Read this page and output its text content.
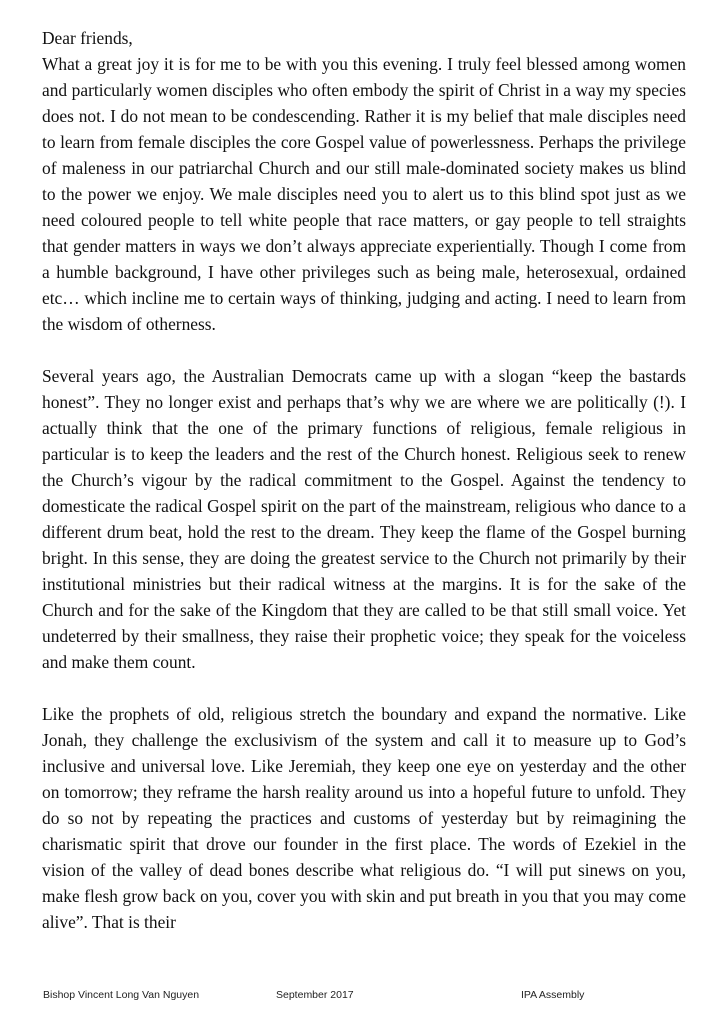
Dear friends,

What a great joy it is for me to be with you this evening. I truly feel blessed among women and particularly women disciples who often embody the spirit of Christ in a way my species does not. I do not mean to be condescending. Rather it is my belief that male disciples need to learn from female disciples the core Gospel value of powerlessness. Perhaps the privilege of maleness in our patriarchal Church and our still male-dominated society makes us blind to the power we enjoy. We male disciples need you to alert us to this blind spot just as we need coloured people to tell white people that race matters, or gay people to tell straights that gender matters in ways we don’t always appreciate experientially. Though I come from a humble background, I have other privileges such as being male, heterosexual, ordained etc… which incline me to certain ways of thinking, judging and acting. I need to learn from the wisdom of otherness.

Several years ago, the Australian Democrats came up with a slogan “keep the bastards honest”. They no longer exist and perhaps that’s why we are where we are politically (!). I actually think that the one of the primary functions of religious, female religious in particular is to keep the leaders and the rest of the Church honest. Religious seek to renew the Church’s vigour by the radical commitment to the Gospel. Against the tendency to domesticate the radical Gospel spirit on the part of the mainstream, religious who dance to a different drum beat, hold the rest to the dream. They keep the flame of the Gospel burning bright. In this sense, they are doing the greatest service to the Church not primarily by their institutional ministries but their radical witness at the margins. It is for the sake of the Church and for the sake of the Kingdom that they are called to be that still small voice. Yet undeterred by their smallness, they raise their prophetic voice; they speak for the voiceless and make them count.

Like the prophets of old, religious stretch the boundary and expand the normative. Like Jonah, they challenge the exclusivism of the system and call it to measure up to God’s inclusive and universal love. Like Jeremiah, they keep one eye on yesterday and the other on tomorrow; they reframe the harsh reality around us into a hopeful future to unfold. They do so not by repeating the practices and customs of yesterday but by reimagining the charismatic spirit that drove our founder in the first place. The words of Ezekiel in the vision of the valley of dead bones describe what religious do. “I will put sinews on you, make flesh grow back on you, cover you with skin and put breath in you that you may come alive”. That is their

Bishop Vincent Long Van Nguyen	September 2017	IPA Assembly
